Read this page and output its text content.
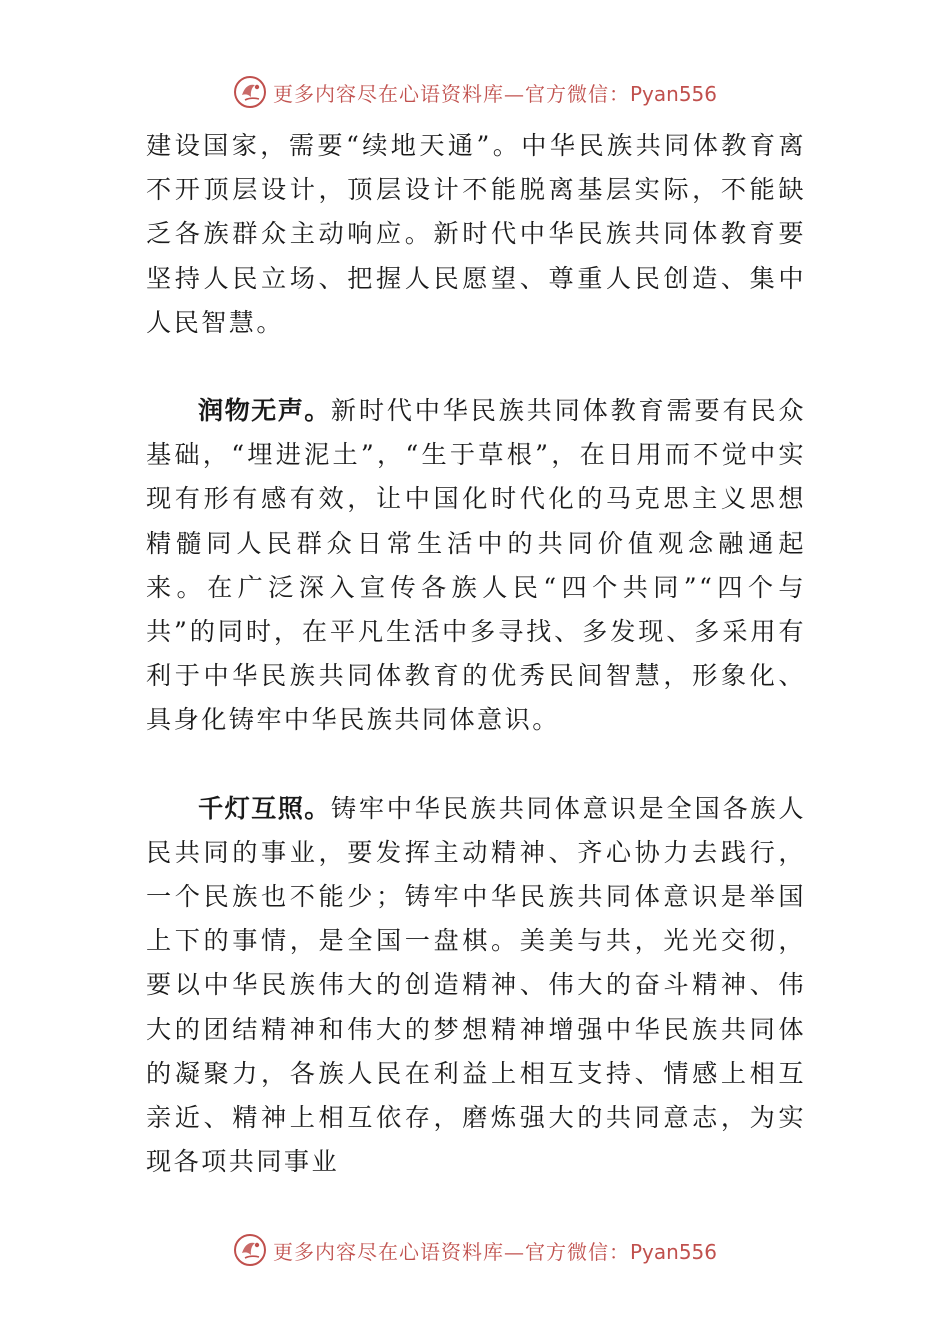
更多内容尽在心语资料库—官方微信：Pyan556

建设国家，需要“续地天通”。中华民族共同体教育离不开顶层设计，顶层设计不能脱离基层实际，不能缺乏各族群众主动响应。新时代中华民族共同体教育要坚持人民立场、把握人民愿望、尊重人民创造、集中人民智慧。

润物无声。新时代中华民族共同体教育需要有民众基础，“埋进泥土”，“生于草根”，在日用而不觉中实现有形有感有效，让中国化时代化的马克思主义思想精髓同人民群众日常生活中的共同价值观念融通起来。在广泛深入宣传各族人民“四个共同”“四个与共”的同时，在平凡生活中多寻找、多发现、多采用有利于中华民族共同体教育的优秀民间智慧，形象化、具身化铸牢中华民族共同体意识。

千灯互照。铸牢中华民族共同体意识是全国各族人民共同的事业，要发挥主动精神、齐心协力去践行，一个民族也不能少；铸牢中华民族共同体意识是举国上下的事情，是全国一盘棋。美美与共，光光交彻，要以中华民族伟大的创造精神、伟大的奋斗精神、伟大的团结精神和伟大的梦想精神增强中华民族共同体的凝聚力，各族人民在利益上相互支持、情感上相互亲近、精神上相互依存，磨炼强大的共同意志，为实现各项共同事业

更多内容尽在心语资料库—官方微信：Pyan556
